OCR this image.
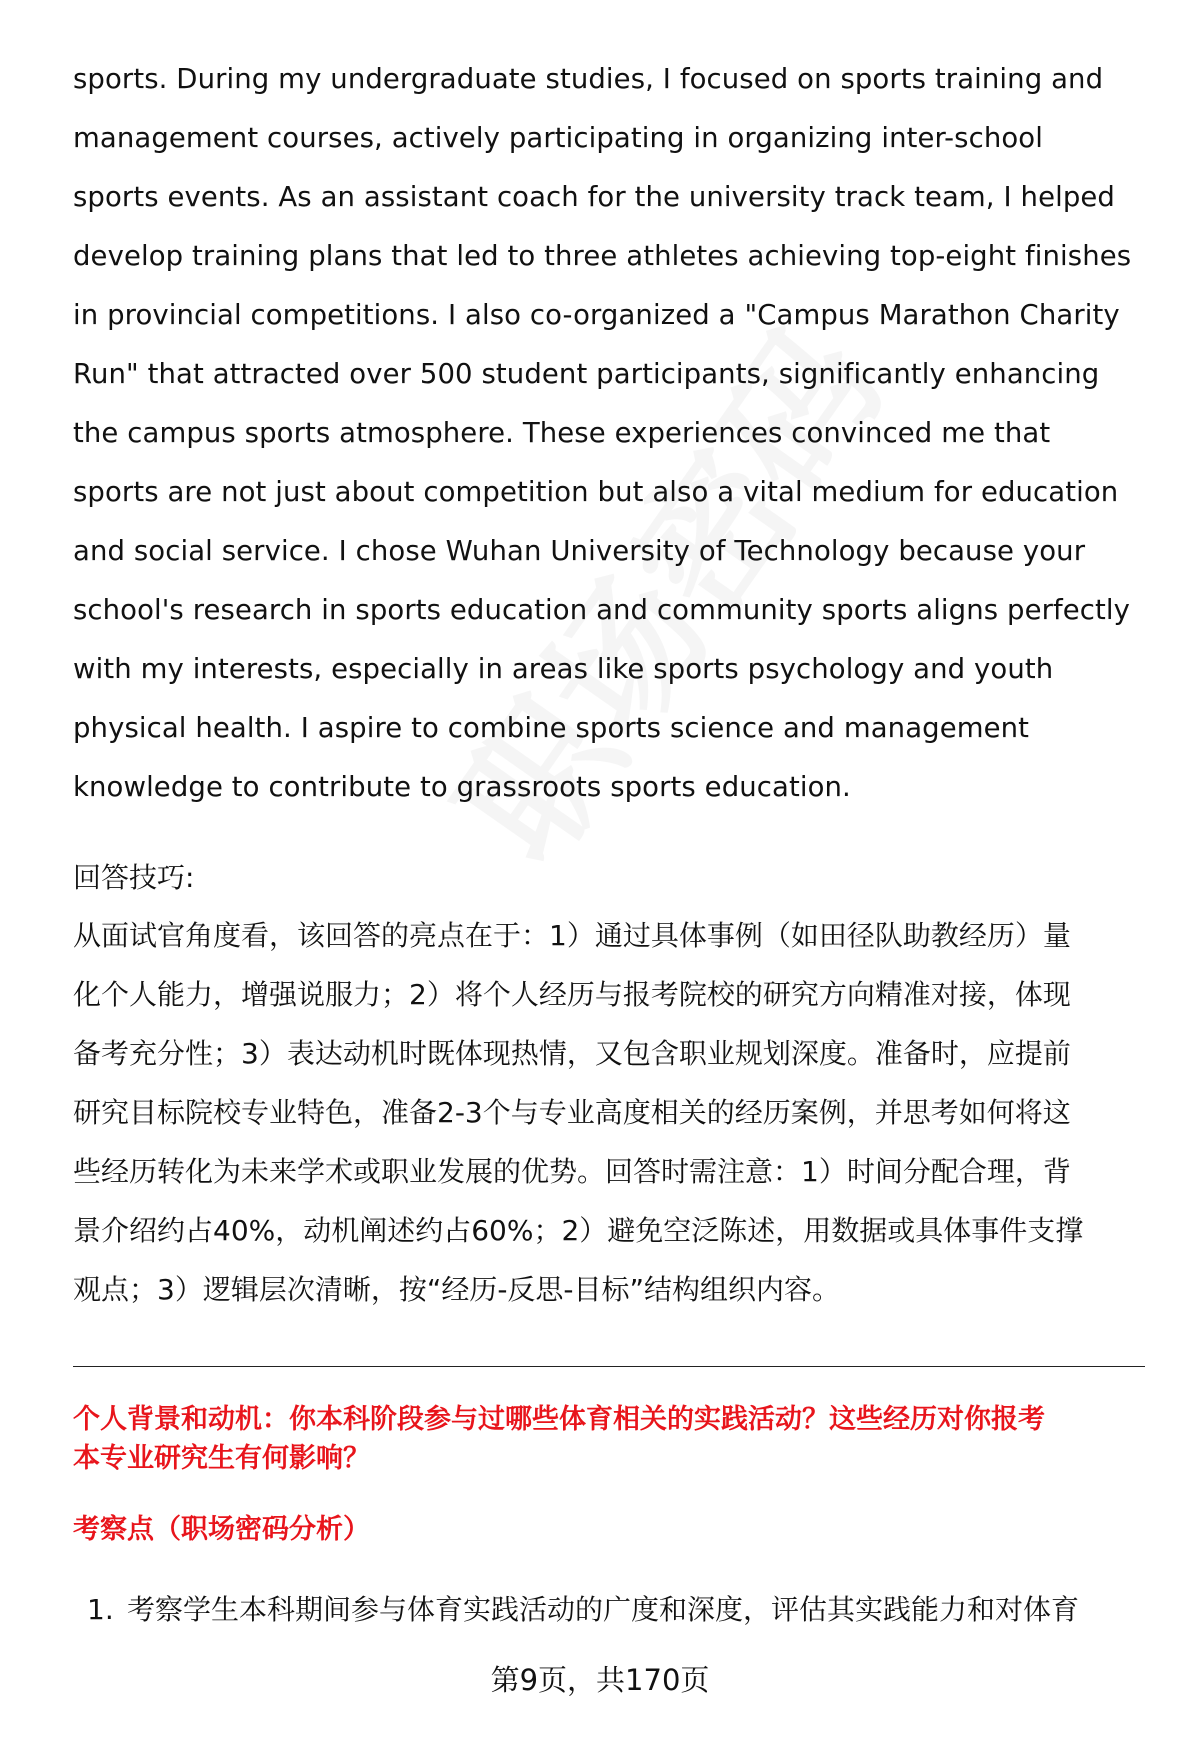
sports. During my undergraduate studies, I focused on sports training and
management courses, actively participating in organizing inter-school
sports events. As an assistant coach for the university track team, I helped
develop training plans that led to three athletes achieving top-eight finishes
in provincial competitions. I also co-organized a "Campus Marathon Charity
Run" that attracted over 500 student participants, significantly enhancing
the campus sports atmosphere. These experiences convinced me that
sports are not just about competition but also a vital medium for education
and social service. I chose Wuhan University of Technology because your
school's research in sports education and community sports aligns perfectly
with my interests, especially in areas like sports psychology and youth
physical health. I aspire to combine sports science and management
knowledge to contribute to grassroots sports education.
回答技巧:
从面试官角度看，该回答的亮点在于：1）通过具体事例（如田径队助教经历）量
化个人能力，增强说服力；2）将个人经历与报考院校的研究方向精准对接，体现
备考充分性；3）表达动机时既体现热情，又包含职业规划深度。准备时，应提前
研究目标院校专业特色，准备2-3个与专业高度相关的经历案例，并思考如何将这
些经历转化为未来学术或职业发展的优势。回答时需注意：1）时间分配合理，背
景介绍约占40%，动机阐述约占60%；2）避免空泛陈述，用数据或具体事件支撑
观点；3）逻辑层次清晰，按“经历-反思-目标”结构组织内容。
个人背景和动机：你本科阶段参与过哪些体育相关的实践活动？这些经历对你报考
本专业研究生有何影响？
考察点（职场密码分析）
1. 考察学生本科期间参与体育实践活动的广度和深度，评估其实践能力和对体育
第9页，共170页
